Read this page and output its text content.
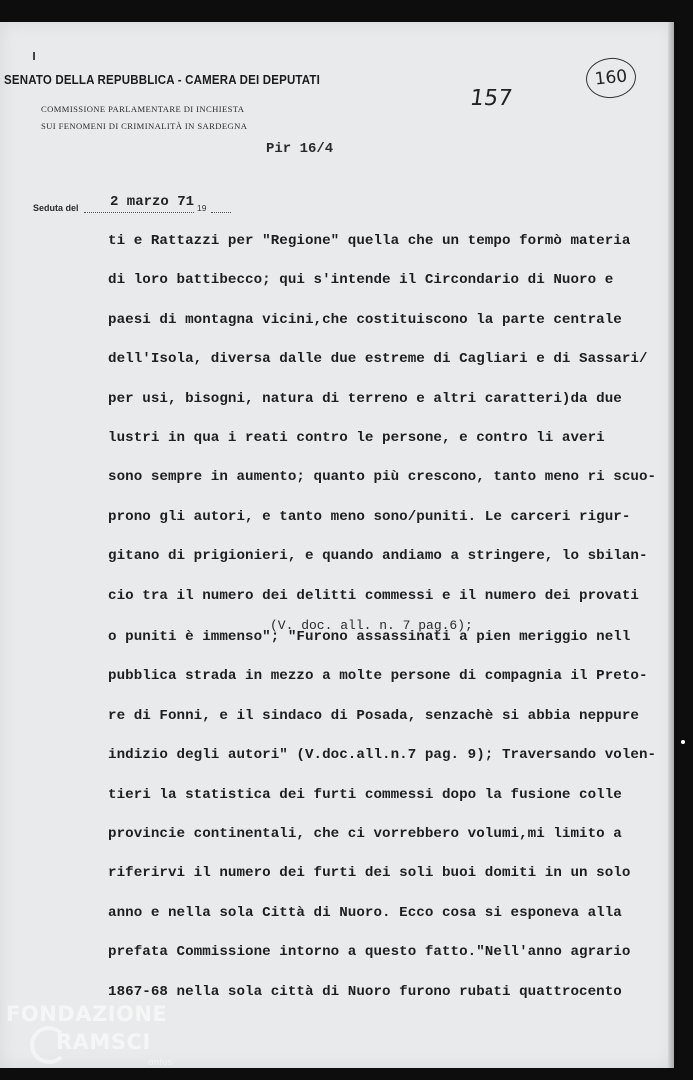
SENATO DELLA REPUBBLICA - CAMERA DEI DEPUTATI
COMMISSIONE PARLAMENTARE DI INCHIESTA
SUI FENOMENI DI CRIMINALITÀ IN SARDEGNA
157
160
Pir 16/4
Seduta del 2 marzo 71 19
ti e Rattazzi per "Regione" quella che un tempo formò materia
di loro battibecco; qui s'intende il Circondario di Nuoro e
paesi di montagna vicini,che costituiscono la parte centrale
dell'Isola, diversa dalle due estreme di Cagliari e di Sassari/
per usi, bisogni, natura di terreno e altri caratteri)da due
lustri in qua i reati contro le persone, e contro li averi
sono sempre in aumento; quanto più crescono, tanto meno ri scuo-
prono gli autori, e tanto meno sono/puniti. Le carceri rigur-
gitano di prigionieri, e quando andiamo a stringere, lo sbilan-
cio tra il numero dei delitti commessi e il numero dei provati
o puniti è immenso"; "Furono assassinati a pien meriggio nell
pubblica strada in mezzo a molte persone di compagnia il Preto-
re di Fonni, e il sindaco di Posada, senzachè si abbia neppure
indizio degli autori" (V.doc.all.n.7 pag. 9); Traversando volen-
tieri la statistica dei furti commessi dopo la fusione colle
provincie continentali, che ci vorrebbero volumi,mi limito a
riferirvi il numero dei furti dei soli buoi domiti in un solo
anno e nella sola Città di Nuoro. Ecco cosa si esponeva alla
prefata Commissione intorno a questo fatto."Nell'anno agrario
1867-68 nella sola città di Nuoro furono rubati quattrocento
(V. doc. all. n. 7 pag.6);
FONDAZIONE
RAMSCI
onlus
